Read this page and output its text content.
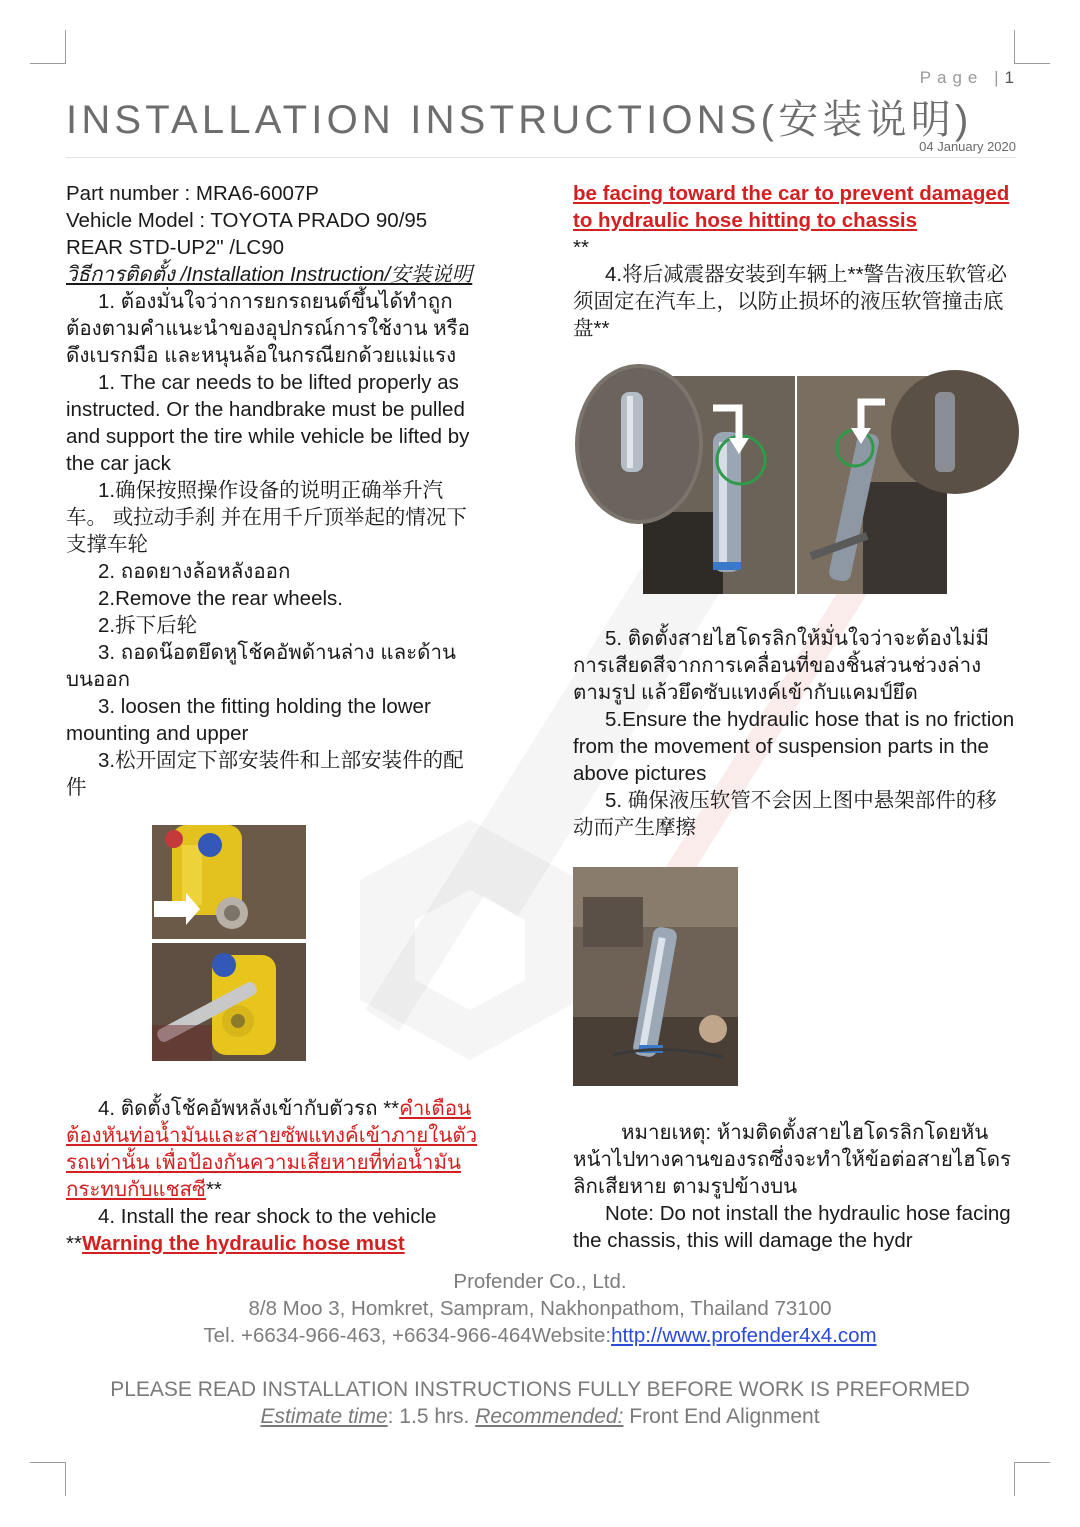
Page |1
INSTALLATION INSTRUCTIONS(安装说明)
04 January 2020

Part number : MRA6-6007P

Vehicle Model : TOYOTA PRADO 90/95

REAR STD-UP2" /LC90

วิธีการติดตั้ง /Installation Instruction/安装说明

1. ต้องมั่นใจว่าการยกรถยนต์ขึ้นได้ทำถูกต้องตามคำแนะนำของอุปกรณ์การใช้งาน หรือดึงเบรกมือ และหนุนล้อในกรณียกด้วยแม่แรง

1. The car needs to be lifted properly as instructed. Or the handbrake must be pulled and support the tire while vehicle be lifted by the car jack

1.确保按照操作设备的说明正确举升汽车。 或拉动手刹 并在用千斤顶举起的情况下支撑车轮

2. ถอดยางล้อหลังออก

2.Remove the rear wheels.

2.拆下后轮

3. ถอดน๊อตยึดหูโช้คอัพด้านล่าง และด้านบนออก

3. loosen the fitting holding the lower mounting and upper

3.松开固定下部安装件和上部安装件的配件

4. ติดตั้งโช้คอัพหลังเข้ากับตัวรถ **คำเตือน ต้องหันท่อน้ำมันและสายซัพแทงค์เข้าภายในตัวรถเท่านั้น เพื่อป้องกันความเสียหายที่ท่อน้ำมันกระทบกับแชสซี**

4. Install the rear shock to the vehicle **Warning the hydraulic hose must

be facing toward the car to prevent damaged to hydraulic hose hitting to chassis

**

4.将后减震器安装到车辆上**警告液压软管必须固定在汽车上，以防止损坏的液压软管撞击底盘**

5. ติดตั้งสายไฮโดรลิกให้มั่นใจว่าจะต้องไม่มีการเสียดสีจากการเคลื่อนที่ของชิ้นส่วนช่วงล่างตามรูป แล้วยึดซับแทงค์เข้ากับแคมป์ยึด

5.Ensure the hydraulic hose that is no friction from the movement of suspension parts in the above pictures

5. 确保液压软管不会因上图中悬架部件的移动而产生摩擦

หมายเหตุ: ห้ามติดตั้งสายไฮโดรลิกโดยหันหน้าไปทางคานของรถซึ่งจะทำให้ข้อต่อสายไฮโดรลิกเสียหาย ตามรูปข้างบน

Note: Do not install the hydraulic hose facing the chassis, this will damage the hydr

Profender Co., Ltd.
8/8 Moo 3, Homkret, Sampram, Nakhonpathom, Thailand 73100
Tel. +6634-966-463, +6634-966-464Website:http://www.profender4x4.com
PLEASE READ INSTALLATION INSTRUCTIONS FULLY BEFORE WORK IS PREFORMED
Estimate time: 1.5 hrs. Recommended: Front End Alignment
